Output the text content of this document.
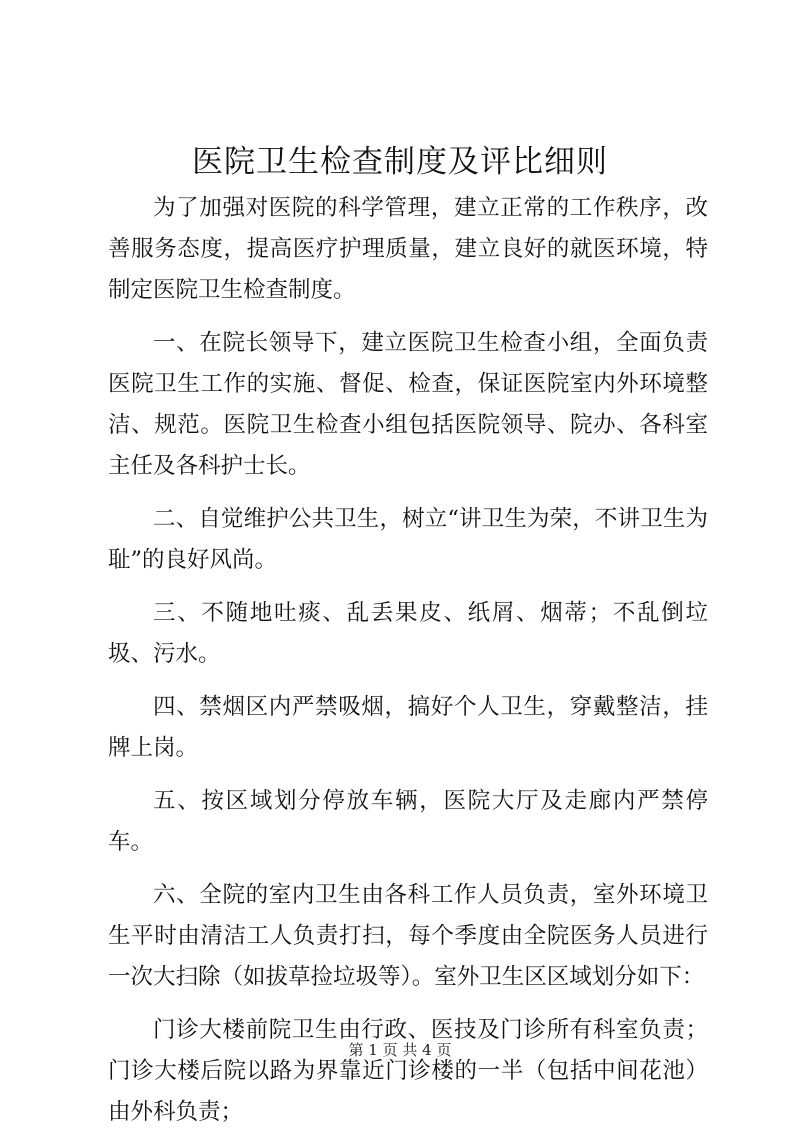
医院卫生检查制度及评比细则

为了加强对医院的科学管理，建立正常的工作秩序，改善服务态度，提高医疗护理质量，建立良好的就医环境，特制定医院卫生检查制度。

一、在院长领导下，建立医院卫生检查小组，全面负责医院卫生工作的实施、督促、检查，保证医院室内外环境整洁、规范。医院卫生检查小组包括医院领导、院办、各科室主任及各科护士长。

二、自觉维护公共卫生，树立“讲卫生为荣，不讲卫生为耻”的良好风尚。

三、不随地吐痰、乱丢果皮、纸屑、烟蒂；不乱倒垃圾、污水。

四、禁烟区内严禁吸烟，搞好个人卫生，穿戴整洁，挂牌上岗。

五、按区域划分停放车辆，医院大厅及走廊内严禁停车。

六、全院的室内卫生由各科工作人员负责，室外环境卫生平时由清洁工人负责打扫，每个季度由全院医务人员进行一次大扫除（如拔草捡垃圾等）。室外卫生区区域划分如下：

门诊大楼前院卫生由行政、医技及门诊所有科室负责；门诊大楼后院以路为界靠近门诊楼的一半（包括中间花池）由外科负责；

第 1 页 共 4 页
